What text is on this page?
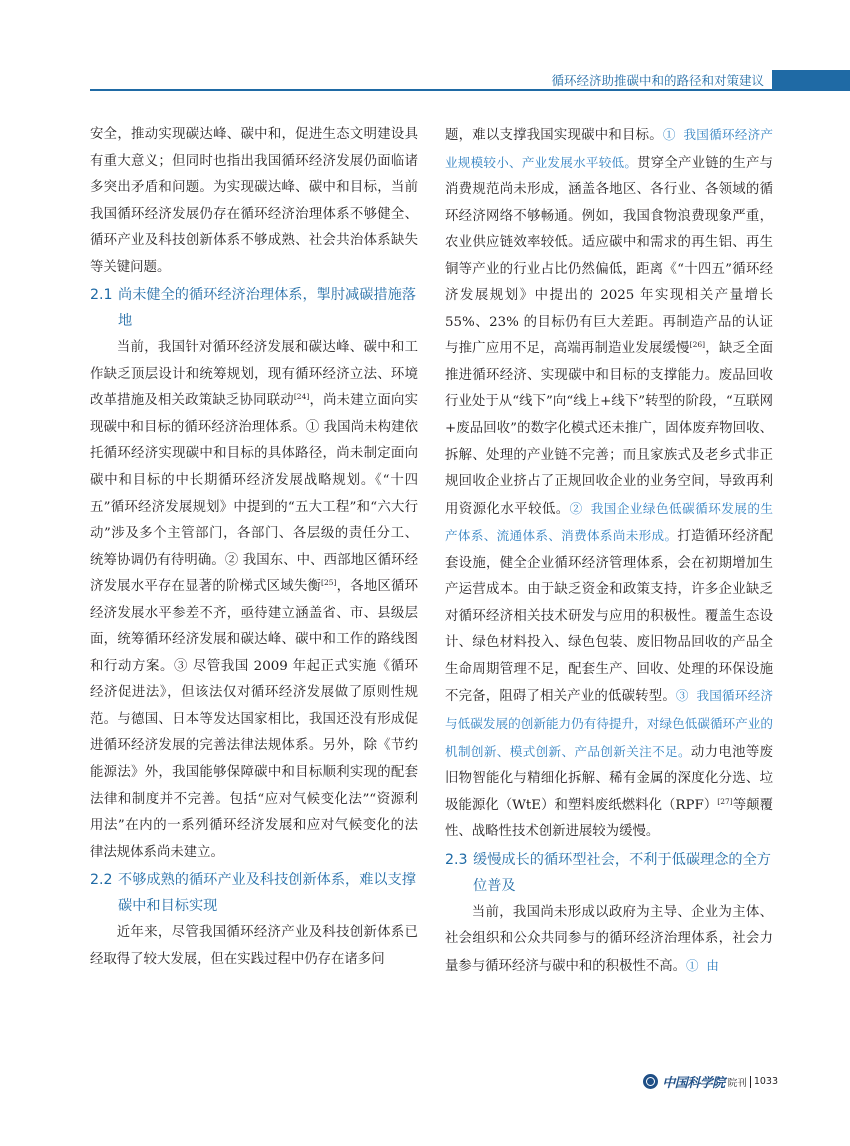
循环经济助推碳中和的路径和对策建议

安全，推动实现碳达峰、碳中和，促进生态文明建设具有重大意义；但同时也指出我国循环经济发展仍面临诸多突出矛盾和问题。为实现碳达峰、碳中和目标，当前我国循环经济发展仍存在循环经济治理体系不够健全、循环产业及科技创新体系不够成熟、社会共治体系缺失等关键问题。

2.1 尚未健全的循环经济治理体系，掣肘减碳措施落地

当前，我国针对循环经济发展和碳达峰、碳中和工作缺乏顶层设计和统筹规划，现有循环经济立法、环境改革措施及相关政策缺乏协同联动[24]，尚未建立面向实现碳中和目标的循环经济治理体系。① 我国尚未构建依托循环经济实现碳中和目标的具体路径，尚未制定面向碳中和目标的中长期循环经济发展战略规划。《“十四五”循环经济发展规划》中提到的“五大工程”和“六大行动”涉及多个主管部门，各部门、各层级的责任分工、统筹协调仍有待明确。② 我国东、中、西部地区循环经济发展水平存在显著的阶梯式区域失衡[25]，各地区循环经济发展水平参差不齐，亟待建立涵盖省、市、县级层面，统筹循环经济发展和碳达峰、碳中和工作的路线图和行动方案。③ 尽管我国 2009 年起正式实施《循环经济促进法》，但该法仅对循环经济发展做了原则性规范。与德国、日本等发达国家相比，我国还没有形成促进循环经济发展的完善法律法规体系。另外，除《节约能源法》外，我国能够保障碳中和目标顺利实现的配套法律和制度并不完善。包括“应对气候变化法”“资源利用法”在内的一系列循环经济发展和应对气候变化的法律法规体系尚未建立。

2.2 不够成熟的循环产业及科技创新体系，难以支撑碳中和目标实现

近年来，尽管我国循环经济产业及科技创新体系已经取得了较大发展，但在实践过程中仍存在诸多问

题，难以支撑我国实现碳中和目标。① 我国循环经济产业规模较小、产业发展水平较低。贯穿全产业链的生产与消费规范尚未形成，涵盖各地区、各行业、各领域的循环经济网络不够畅通。例如，我国食物浪费现象严重，农业供应链效率较低。适应碳中和需求的再生铝、再生铜等产业的行业占比仍然偏低，距离《“十四五”循环经济发展规划》中提出的 2025 年实现相关产量增长 55%、23% 的目标仍有巨大差距。再制造产品的认证与推广应用不足，高端再制造业发展缓慢[26]，缺乏全面推进循环经济、实现碳中和目标的支撑能力。废品回收行业处于从“线下”向“线上+线下”转型的阶段，“互联网+废品回收”的数字化模式还未推广，固体废弃物回收、拆解、处理的产业链不完善；而且家族式及老乡式非正规回收企业挤占了正规回收企业的业务空间，导致再利用资源化水平较低。② 我国企业绿色低碳循环发展的生产体系、流通体系、消费体系尚未形成。打造循环经济配套设施，健全企业循环经济管理体系，会在初期增加生产运营成本。由于缺乏资金和政策支持，许多企业缺乏对循环经济相关技术研发与应用的积极性。覆盖生态设计、绿色材料投入、绿色包装、废旧物品回收的产品全生命周期管理不足，配套生产、回收、处理的环保设施不完备，阻碍了相关产业的低碳转型。③ 我国循环经济与低碳发展的创新能力仍有待提升，对绿色低碳循环产业的机制创新、模式创新、产品创新关注不足。动力电池等废旧物智能化与精细化拆解、稀有金属的深度化分选、垃圾能源化（WtE）和塑料废纸燃料化（RPF）[27]等颠覆性、战略性技术创新进展较为缓慢。

2.3 缓慢成长的循环型社会，不利于低碳理念的全方位普及

当前，我国尚未形成以政府为主导、企业为主体、社会组织和公众共同参与的循环经济治理体系，社会力量参与循环经济与碳中和的积极性不高。① 由

中国科学院 院刊 1033
